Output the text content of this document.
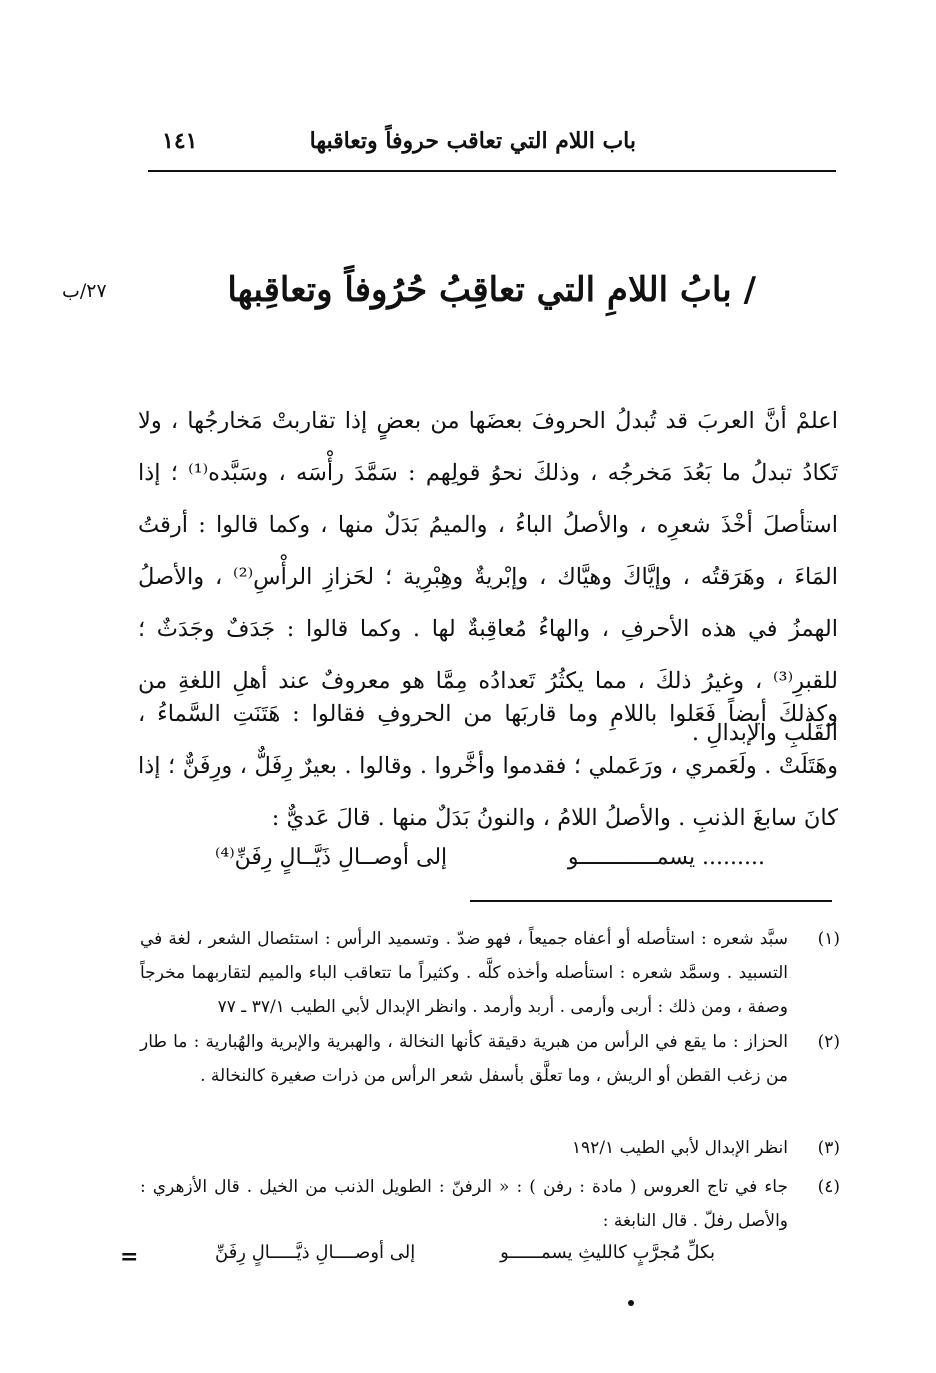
باب اللام التي تعاقب حروفاً وتعاقبها
١٤١
/ بابُ اللامِ التي تعاقِبُ حُرُوفاً وتعاقِبها
٢٧/ب

اعلمْ أنَّ العربَ قد تُبدلُ الحروفَ بعضَها من بعضٍ إذا تقاربتْ مَخارجُها ، ولا تَكادُ تبدلُ ما بَعُدَ مَخرجُه ، وذلكَ نحوُ قولِهم : سَمَّدَ رأْسَه ، وسَبَّده⁽¹⁾ ؛ إذا استأصلَ أخْذَ شعرِه ، والأصلُ الباءُ ، والميمُ بَدَلٌ منها ، وكما قالوا : أرقتُ المَاءَ ، وهَرَقتُه ، وإيَّاكَ وهيَّاك ، وإبْريةٌ وهِبْرِية ؛ لحَزازِ الرأْسِ⁽²⁾ ، والأصلُ الهمزُ في هذه الأحرفِ ، والهاءُ مُعاقِبةٌ لها . وكما قالوا : جَدَفٌ وجَدَثٌ ؛ للقبرِ⁽³⁾ ، وغيرُ ذلكَ ، مما يكثُرُ تَعدادُه مِمَّا هو معروفٌ عند أهلِ اللغةِ من القَلْبِ والإبدالِ .

وكذلكَ أيضاً فَعَلوا باللامِ وما قاربَها من الحروفِ فقالوا : هَتَنَتِ السَّماءُ ، وهَتَلَتْ . ولَعَمري ، ورَعَملي ؛ فقدموا وأخَّروا . وقالوا . بعيرٌ رِفَلٌّ ، ورِفَنٌّ ؛ إذا كانَ سابغَ الذنبِ . والأصلُ اللامُ ، والنونُ بَدَلٌ منها . قالَ عَديٌّ :

إلى أوصــالِ ذَيَّــالٍ رِفَنِّ⁽⁴⁾	......... يسمــــــــــــو
(١)
سبَّد شعره : استأصله أو أعفاه جميعاً ، فهو ضدّ . وتسميد الرأس : استئصال الشعر ، لغة في التسبيد . وسمَّد شعره : استأصله وأخذه كلَّه . وكثيراً ما تتعاقب الباء والميم لتقاربهما مخرجاً وصفة ، ومن ذلك : أربى وأرمى . أربد وأرمد . وانظر الإبدال لأبي الطيب ٣٧/١ ـ ٧٧
(٢)
الحزاز : ما يقع في الرأس من هبرية دقيقة كأنها النخالة ، والهبرية والإبرية والهُبارية : ما طار من زغب القطن أو الريش ، وما تعلَّق بأسفل شعر الرأس من ذرات صغيرة كالنخالة .
(٣)
انظر الإبدال لأبي الطيب ١٩٢/١
(٤)
جاء في تاج العروس ( مادة : رفن ) : « الرفنّ : الطويل الذنب من الخيل . قال الأزهري : والأصل رفلّ . قال النابغة :
بكلِّ مُجرَّبٍ كالليثِ يسمــــــو
إلى أوصــــالِ ذيَّـــــالٍ رِفَنِّ
=
